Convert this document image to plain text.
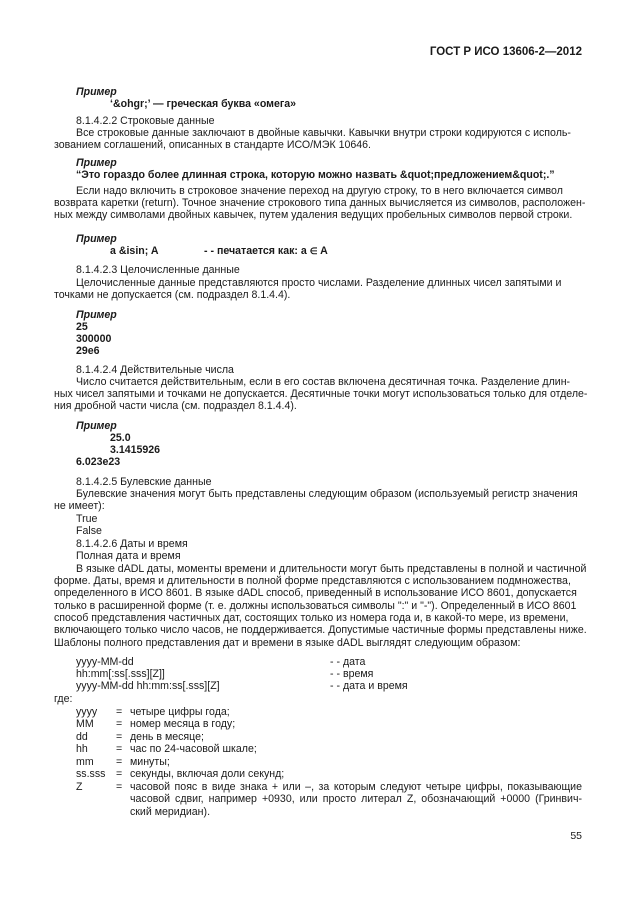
ГОСТ Р ИСО 13606-2—2012
Пример
‘&ohgr;’ — греческая буква «омега»
8.1.4.2.2 Строковые данные
Все строковые данные заключают в двойные кавычки. Кавычки внутри строки кодируются с исполь-
зованием соглашений, описанных в стандарте ИСО/МЭК 10646.
Пример
“Это гораздо более длинная строка, которую можно назвать &quot;предложением&quot;.”
Если надо включить в строковое значение переход на другую строку, то в него включается символ
возврата каретки (return). Точное значение строкового типа данных вычисляется из символов, расположен-
ных между символами двойных кавычек, путем удаления ведущих пробельных символов первой строки.
Пример
a &isin; A	- - печатается как: a ∈ A
8.1.4.2.3 Целочисленные данные
Целочисленные данные представляются просто числами. Разделение длинных чисел запятыми и
точками не допускается (см. подраздел 8.1.4.4).
Пример
25
300000
29e6
8.1.4.2.4 Действительные числа
Число считается действительным, если в его состав включена десятичная точка. Разделение длин-
ных чисел запятыми и точками не допускается. Десятичные точки могут использоваться только для отделе-
ния дробной части числа (см. подраздел 8.1.4.4).
Пример
25.0
3.1415926
6.023e23
8.1.4.2.5 Булевские данные
Булевские значения могут быть представлены следующим образом (используемый регистр значения
не имеет):
True
False
8.1.4.2.6 Даты и время
Полная дата и время
В языке dADL даты, моменты времени и длительности могут быть представлены в полной и частичной
форме. Даты, время и длительности в полной форме представляются с использованием подмножества,
определенного в ИСО 8601. В языке dADL способ, приведенный в использование ИСО 8601, допускается
только в расширенной форме (т. е. должны использоваться символы ":" и "-"). Определенный в ИСО 8601
способ представления частичных дат, состоящих только из номера года и, в какой-то мере, из времени,
включающего только число часов, не поддерживается. Допустимые частичные формы представлены ниже.
Шаблоны полного представления дат и времени в языке dADL выглядят следующим образом:
yyyy-MM-dd	- - дата
hh:mm[:ss[.sss][Z]]	- - время
yyyy-MM-dd hh:mm:ss[.sss][Z]	- - дата и время
где:
yyyy = четыре цифры года;
MM = номер месяца в году;
dd	= день в месяце;
hh	= час по 24-часовой шкале;
mm = минуты;
ss.sss = секунды, включая доли секунд;
Z	= часовой пояс в виде знака + или –, за которым следуют четыре цифры, показывающие часовой сдвиг, например +0930, или просто литерал Z, обозначающий +0000 (Гринвич-ский меридиан).
55
